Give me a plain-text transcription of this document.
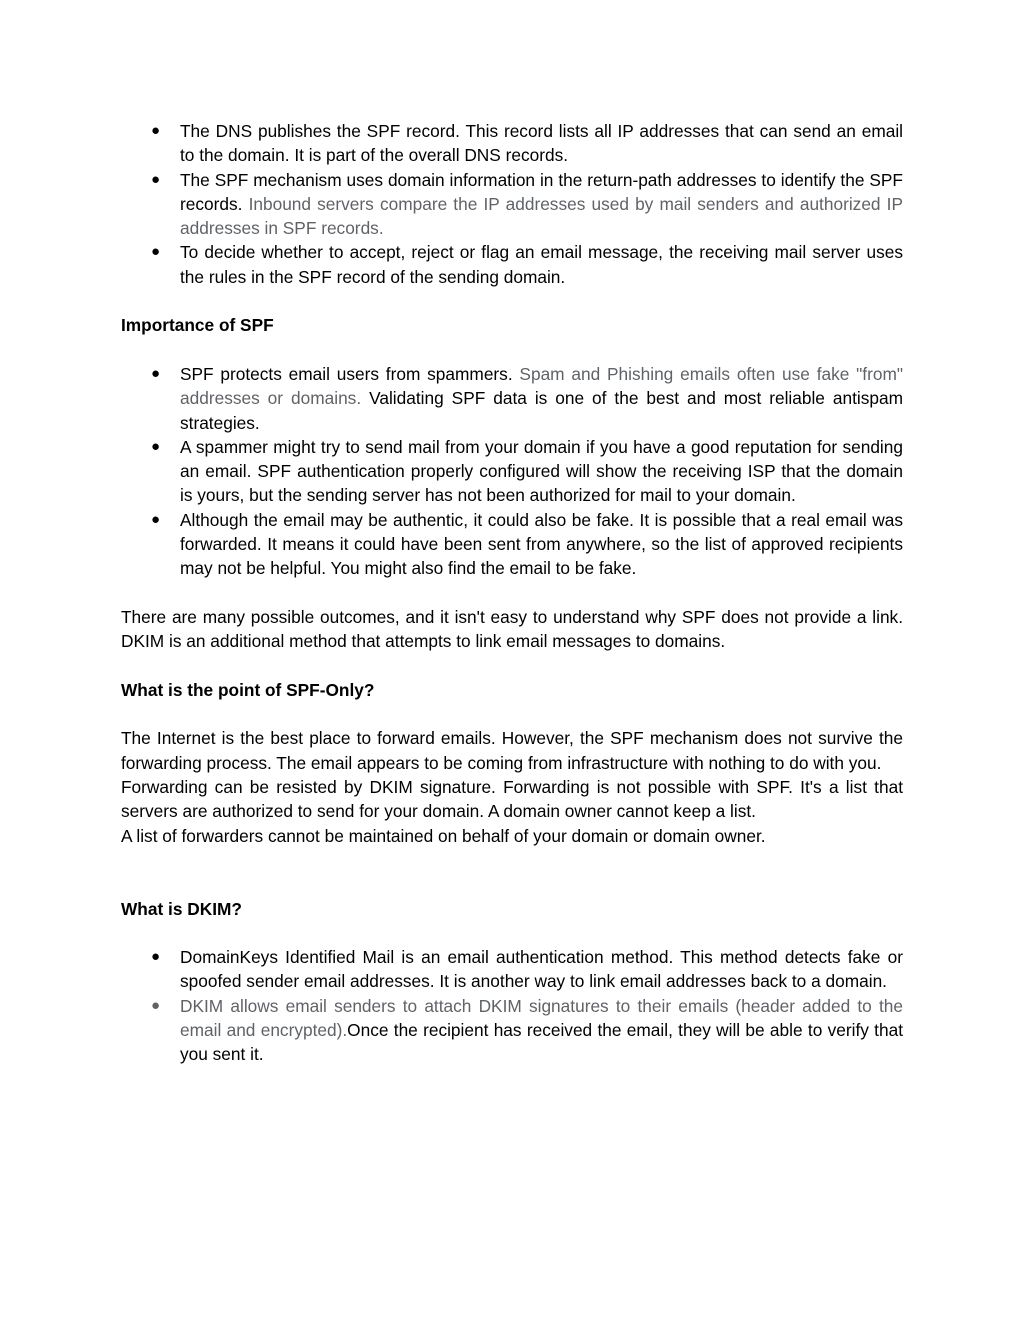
● The DNS publishes the SPF record. This record lists all IP addresses that can send an email to the domain. It is part of the overall DNS records.
● The SPF mechanism uses domain information in the return-path addresses to identify the SPF records. Inbound servers compare the IP addresses used by mail senders and authorized IP addresses in SPF records.
● To decide whether to accept, reject or flag an email message, the receiving mail server uses the rules in the SPF record of the sending domain.
Importance of SPF
● SPF protects email users from spammers. Spam and Phishing emails often use fake "from" addresses or domains. Validating SPF data is one of the best and most reliable antispam strategies.
● A spammer might try to send mail from your domain if you have a good reputation for sending an email. SPF authentication properly configured will show the receiving ISP that the domain is yours, but the sending server has not been authorized for mail to your domain.
● Although the email may be authentic, it could also be fake. It is possible that a real email was forwarded. It means it could have been sent from anywhere, so the list of approved recipients may not be helpful. You might also find the email to be fake.

There are many possible outcomes, and it isn't easy to understand why SPF does not provide a link. DKIM is an additional method that attempts to link email messages to domains.

What is the point of SPF-Only?

The Internet is the best place to forward emails. However, the SPF mechanism does not survive the forwarding process. The email appears to be coming from infrastructure with nothing to do with you.

Forwarding can be resisted by DKIM signature. Forwarding is not possible with SPF. It's a list that servers are authorized to send for your domain. A domain owner cannot keep a list.

A list of forwarders cannot be maintained on behalf of your domain or domain owner.

What is DKIM?
● DomainKeys Identified Mail is an email authentication method. This method detects fake or spoofed sender email addresses. It is another way to link email addresses back to a domain.
● DKIM allows email senders to attach DKIM signatures to their emails (header added to the email and encrypted).Once the recipient has received the email, they will be able to verify that you sent it.
